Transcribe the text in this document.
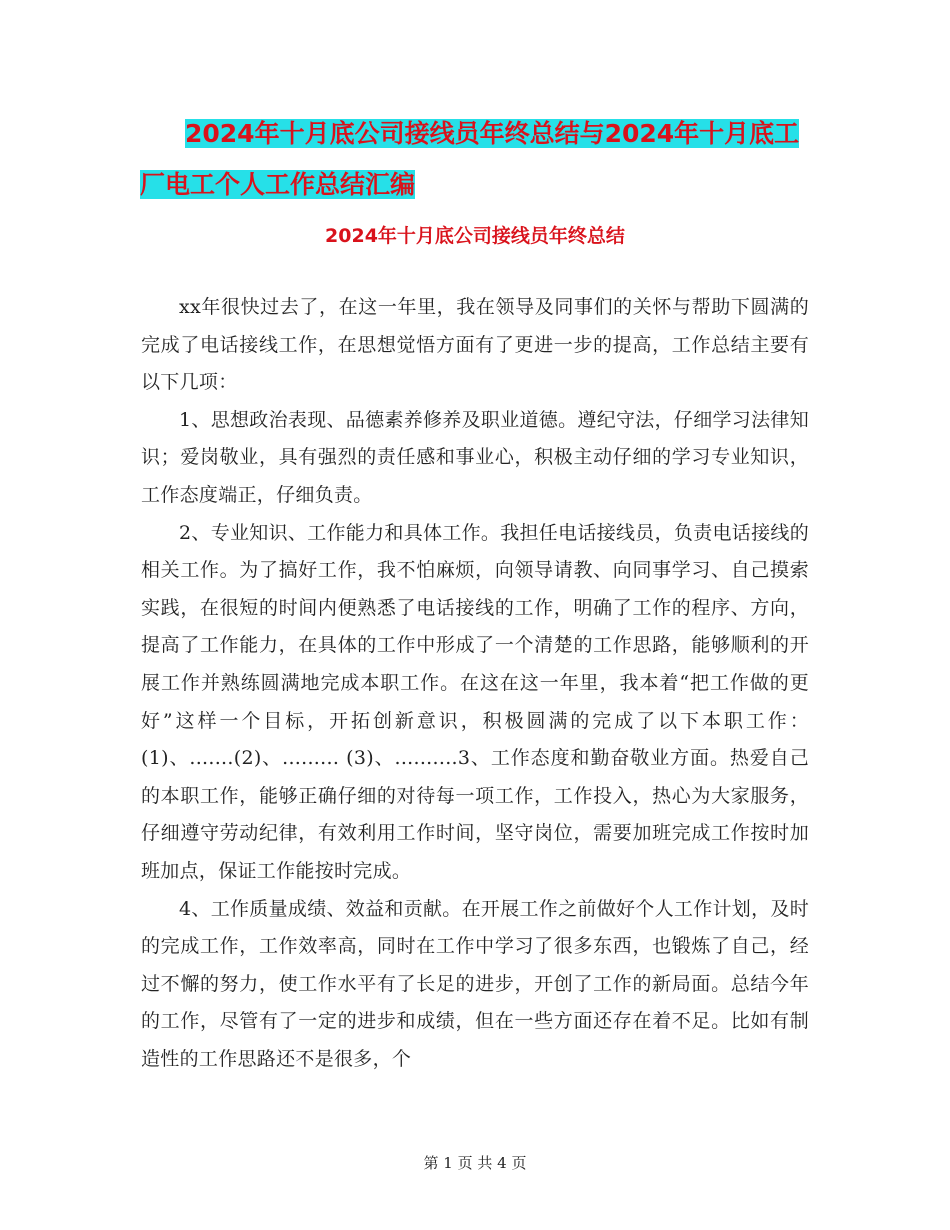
2024年十月底公司接线员年终总结与2024年十月底工
厂电工个人工作总结汇编
2024年十月底公司接线员年终总结

xx年很快过去了，在这一年里，我在领导及同事们的关怀与帮助下圆满的完成了电话接线工作，在思想觉悟方面有了更进一步的提高，工作总结主要有以下几项：

1、思想政治表现、品德素养修养及职业道德。遵纪守法，仔细学习法律知识；爱岗敬业，具有强烈的责任感和事业心，积极主动仔细的学习专业知识，工作态度端正，仔细负责。

2、专业知识、工作能力和具体工作。我担任电话接线员，负责电话接线的相关工作。为了搞好工作，我不怕麻烦，向领导请教、向同事学习、自己摸索实践，在很短的时间内便熟悉了电话接线的工作，明确了工作的程序、方向，提高了工作能力，在具体的工作中形成了一个清楚的工作思路，能够顺利的开展工作并熟练圆满地完成本职工作。在这在这一年里，我本着“把工作做的更好”这样一个目标，开拓创新意识，积极圆满的完成了以下本职工作：(1)、.......(2)、......... (3)、..........3、工作态度和勤奋敬业方面。热爱自己的本职工作，能够正确仔细的对待每一项工作，工作投入，热心为大家服务，仔细遵守劳动纪律，有效利用工作时间，坚守岗位，需要加班完成工作按时加班加点，保证工作能按时完成。

4、工作质量成绩、效益和贡献。在开展工作之前做好个人工作计划，及时的完成工作，工作效率高，同时在工作中学习了很多东西，也锻炼了自己，经过不懈的努力，使工作水平有了长足的进步，开创了工作的新局面。总结今年的工作，尽管有了一定的进步和成绩，但在一些方面还存在着不足。比如有制造性的工作思路还不是很多，个

第 1 页 共 4 页
